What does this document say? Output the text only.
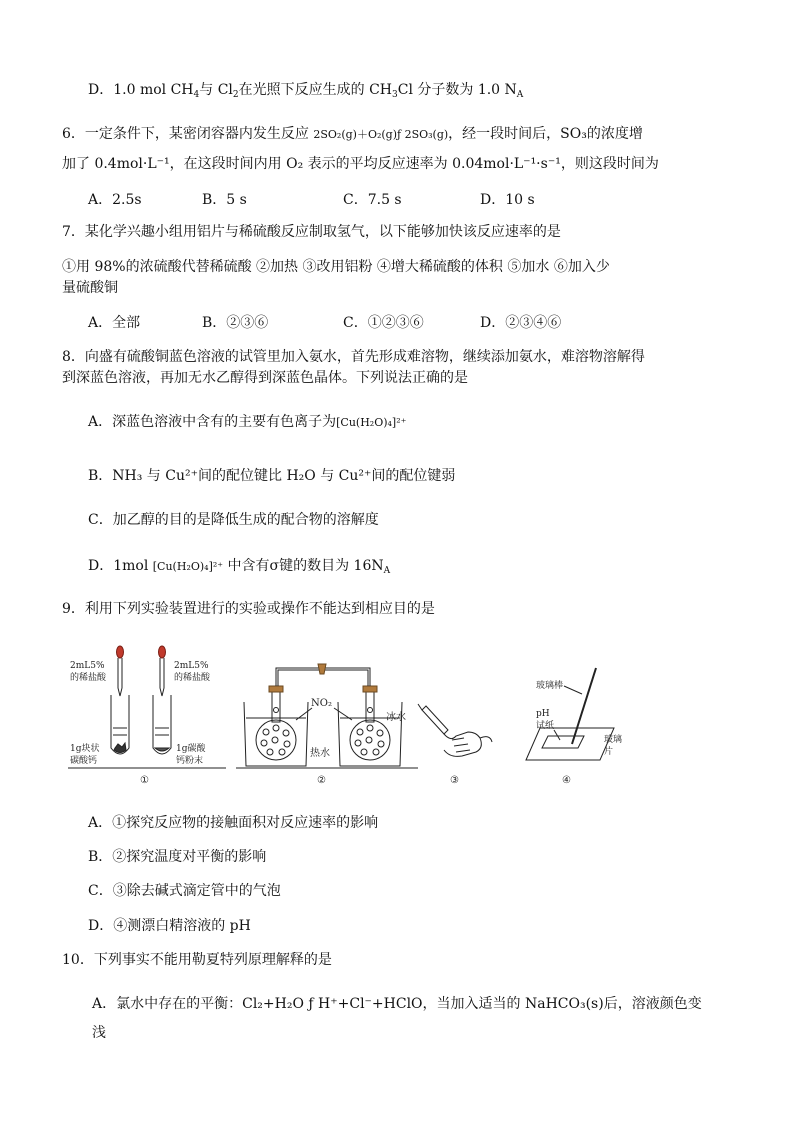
D．1.0 mol $CH_4$与 $Cl_2$在光照下反应生成的 $CH_3Cl$ 分子数为 1.0 $N_A$
6．一定条件下，某密闭容器内发生反应 2SO₂(g)＋O₂(g)ƒ 2SO₃(g)，经一段时间后，SO₃的浓度增
加了 0.4mol·L⁻¹，在这段时间内用 O₂ 表示的平均反应速率为 0.04mol·L⁻¹·s⁻¹，则这段时间为
A．2.5s	B．5 s	C．7.5 s	D．10 s
7．某化学兴趣小组用铝片与稀硫酸反应制取氢气，以下能够加快该反应速率的是
①用 98%的浓硫酸代替稀硫酸 ②加热 ③改用铝粉 ④增大稀硫酸的体积 ⑤加水 ⑥加入少
量硫酸铜
A．全部	B．②③⑥	C．①②③⑥	D．②③④⑥
8．向盛有硫酸铜蓝色溶液的试管里加入氨水，首先形成难溶物，继续添加氨水，难溶物溶解得
到深蓝色溶液，再加无水乙醇得到深蓝色晶体。下列说法正确的是
A．深蓝色溶液中含有的主要有色离子为[Cu(H₂O)₄]²⁺
B．NH₃ 与 Cu²⁺间的配位键比 H₂O 与 Cu²⁺间的配位键弱
C．加乙醇的目的是降低生成的配合物的溶解度
D．1mol [Cu(H₂O)₄]²⁺ 中含有σ键的数目为 $16N_A$
9．利用下列实验装置进行的实验或操作不能达到相应目的是
2mL5%
的稀盐酸
2mL5%
的稀盐酸
1g块状
碳酸钙
1g碳酸
钙粉末
①
NO₂
热水
冰水
②	③
玻璃棒
pH
试纸
玻璃
片
④
A．①探究反应物的接触面积对反应速率的影响
B．②探究温度对平衡的影响
C．③除去碱式滴定管中的气泡
D．④测漂白精溶液的 pH
10．下列事实不能用勒夏特列原理解释的是
A．氯水中存在的平衡：Cl₂+H₂O ƒ H⁺+Cl⁻+HClO，当加入适当的 NaHCO₃(s)后，溶液颜色变
浅
